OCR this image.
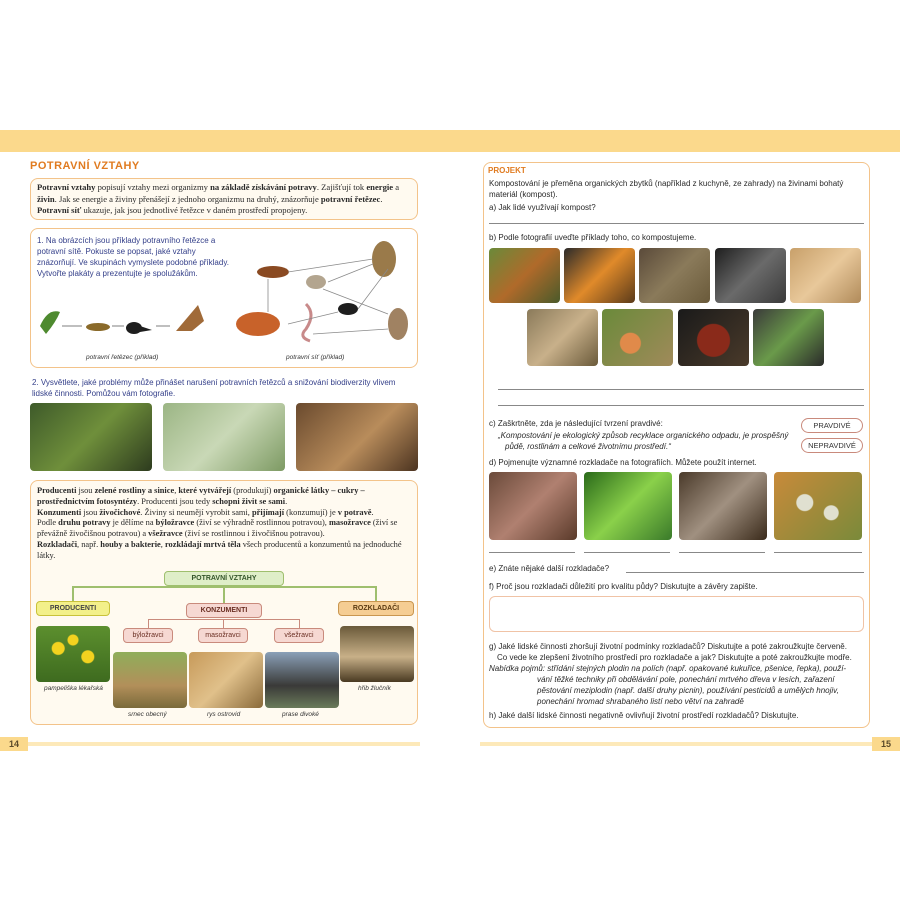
POTRAVNÍ VZTAHY
Potravní vztahy popisují vztahy mezi organizmy na základě získávání potravy. Zajišťují tok energie a živin. Jak se energie a živiny přenášejí z jednoho organizmu na druhý, znázorňuje potravní řetězec.
Potravní síť ukazuje, jak jsou jednotlivé řetězce v daném prostředí propojeny.
1. Na obrázcích jsou příklady potravního řetězce a potravní sítě. Pokuste se popsat, jaké vztahy znázorňují. Ve skupinách vymyslete podobné příklady. Vytvořte plakáty a prezentujte je spolužákům.
potravní řetězec (příklad)	potravní síť (příklad)
2. Vysvětlete, jaké problémy může přinášet narušení potravních řetězců a snižování biodiverzity vlivem lidské činnosti. Pomůžou vám fotografie.
Producenti jsou zelené rostliny a sinice, které vytvářejí (produkují) organické látky – cukry – prostřednictvím fotosyntézy. Producenti jsou tedy schopni živit se sami.
Konzumenti jsou živočichové. Živiny si neumějí vyrobit sami, přijímají (konzumují) je v potravě.
Podle druhu potravy je dělíme na býložravce (živí se výhradně rostlinnou potravou), masožravce (živí se převážně živočišnou potravou) a všežravce (živí se rostlinnou i živočišnou potravou).
Rozkladači, např. houby a bakterie, rozkládají mrtvá těla všech producentů a konzumentů na jednoduché látky.
POTRAVNÍ VZTAHY
PRODUCENTI	KONZUMENTI	ROZKLADAČI
býložravci	masožravci	všežravci
pampeliška lékařská
srnec obecný	rys ostrovid	prase divoké
hřib žlučník
14
PROJEKT
Kompostování je přeměna organických zbytků (například z kuchyně, ze zahrady) na živinami bohatý materiál (kompost).
a) Jak lidé využívají kompost?
b) Podle fotografií uveďte příklady toho, co kompostujeme.
c) Zaškrtněte, zda je následující tvrzení pravdivé:
„Kompostování je ekologický způsob recyklace organického odpadu, je prospěšný
půdě, rostlinám a celkové životnímu prostředí.“
PRAVDIVÉ
NEPRAVDIVÉ
d) Pojmenujte významné rozkladače na fotografiích. Můžete použít internet.
e) Znáte nějaké další rozkladače?
f) Proč jsou rozkladači důležití pro kvalitu půdy? Diskutujte a závěry zapište.
g) Jaké lidské činnosti zhoršují životní podmínky rozkladačů? Diskutujte a poté zakroužkujte červeně.
Co vede ke zlepšení životního prostředí pro rozkladače a jak? Diskutujte a poté zakroužkujte modře.
Nabídka pojmů: střídání stejných plodin na polích (např. opakované kukuřice, pšenice, řepka), použí-
vání těžké techniky při obdělávání pole, ponechání mrtvého dřeva v lesích, zařazení
pěstování meziplodin (např. další druhy picnin), používání pesticidů a umělých hnojiv,
ponechání hromad shrabaného listí nebo větví na zahradě
h) Jaké další lidské činnosti negativně ovlivňují životní prostředí rozkladačů? Diskutujte.
15
